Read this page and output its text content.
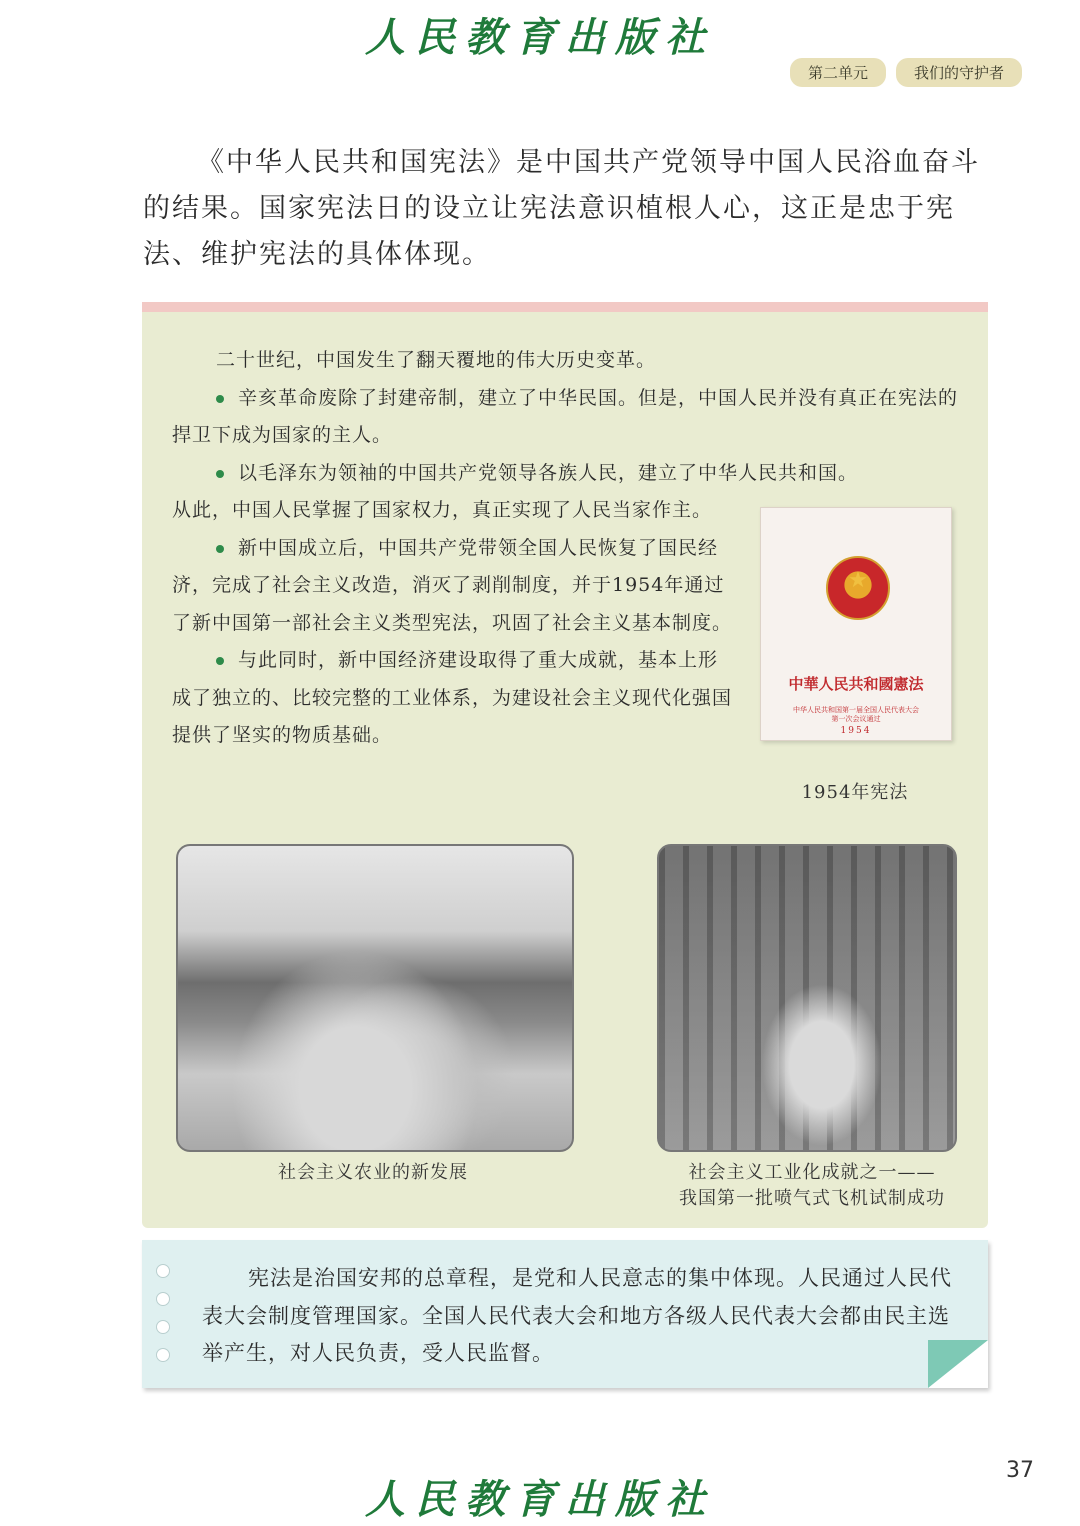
人民教育出版社
第二单元	我们的守护者

《中华人民共和国宪法》是中国共产党领导中国人民浴血奋斗的结果。国家宪法日的设立让宪法意识植根人心，这正是忠于宪法、维护宪法的具体体现。

二十世纪，中国发生了翻天覆地的伟大历史变革。

辛亥革命废除了封建帝制，建立了中华民国。但是，中国人民并没有真正在宪法的捍卫下成为国家的主人。

以毛泽东为领袖的中国共产党领导各族人民，建立了中华人民共和国。

从此，中国人民掌握了国家权力，真正实现了人民当家作主。

新中国成立后，中国共产党带领全国人民恢复了国民经济，完成了社会主义改造，消灭了剥削制度，并于1954年通过了新中国第一部社会主义类型宪法，巩固了社会主义基本制度。

与此同时，新中国经济建设取得了重大成就，基本上形成了独立的、比较完整的工业体系，为建设社会主义现代化强国提供了坚实的物质基础。

★
中華人民共和國憲法
中华人民共和国第一届全国人民代表大会第一次会议通过
1954
1954年宪法
社会主义农业的新发展	社会主义工业化成就之一——
我国第一批喷气式飞机试制成功

宪法是治国安邦的总章程，是党和人民意志的集中体现。人民通过人民代表大会制度管理国家。全国人民代表大会和地方各级人民代表大会都由民主选举产生，对人民负责，受人民监督。

37
人民教育出版社
